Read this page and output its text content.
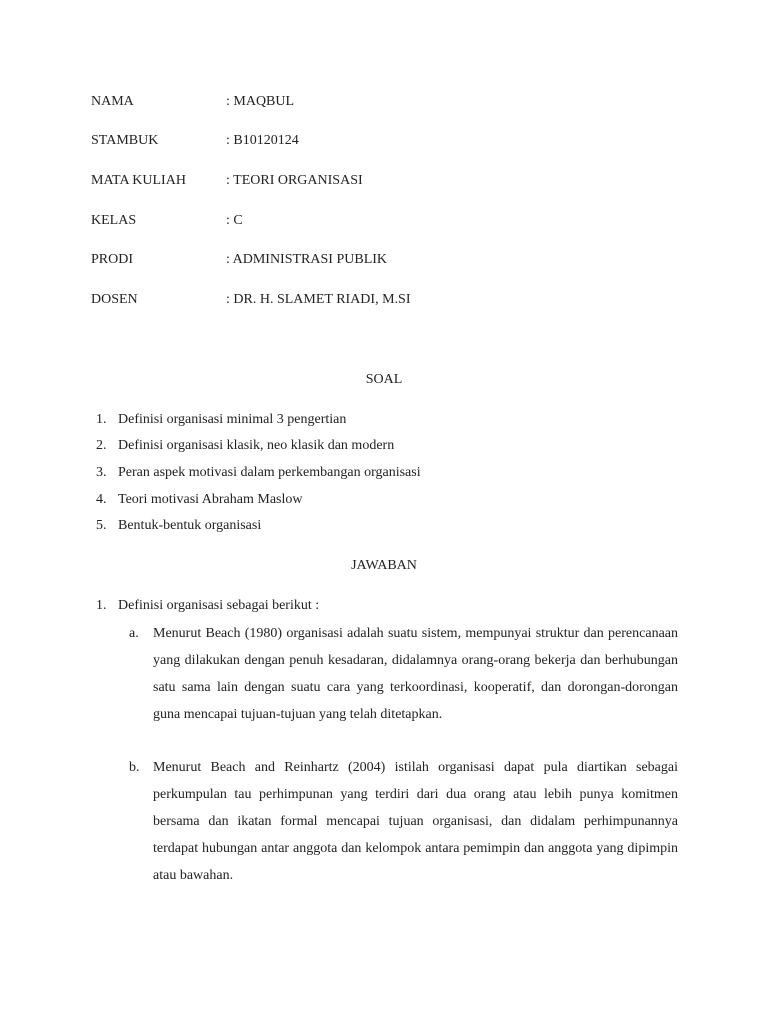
NAMA	: MAQBUL
STAMBUK	: B10120124
MATA KULIAH	: TEORI ORGANISASI
KELAS	: C
PRODI	: ADMINISTRASI PUBLIK
DOSEN	: DR. H. SLAMET RIADI, M.SI
SOAL
1. Definisi organisasi minimal 3 pengertian
2. Definisi organisasi klasik, neo klasik dan modern
3. Peran aspek motivasi dalam perkembangan organisasi
4. Teori motivasi Abraham Maslow
5. Bentuk-bentuk organisasi
JAWABAN
1. Definisi organisasi sebagai berikut :
a. Menurut Beach (1980) organisasi adalah suatu sistem, mempunyai struktur dan perencanaan yang dilakukan dengan penuh kesadaran, didalamnya orang-orang bekerja dan berhubungan satu sama lain dengan suatu cara yang terkoordinasi, kooperatif, dan dorongan-dorongan guna mencapai tujuan-tujuan yang telah ditetapkan.
b. Menurut Beach and Reinhartz (2004) istilah organisasi dapat pula diartikan sebagai perkumpulan tau perhimpunan yang terdiri dari dua orang atau lebih punya komitmen bersama dan ikatan formal mencapai tujuan organisasi, dan didalam perhimpunannya terdapat hubungan antar anggota dan kelompok antara pemimpin dan anggota yang dipimpin atau bawahan.
